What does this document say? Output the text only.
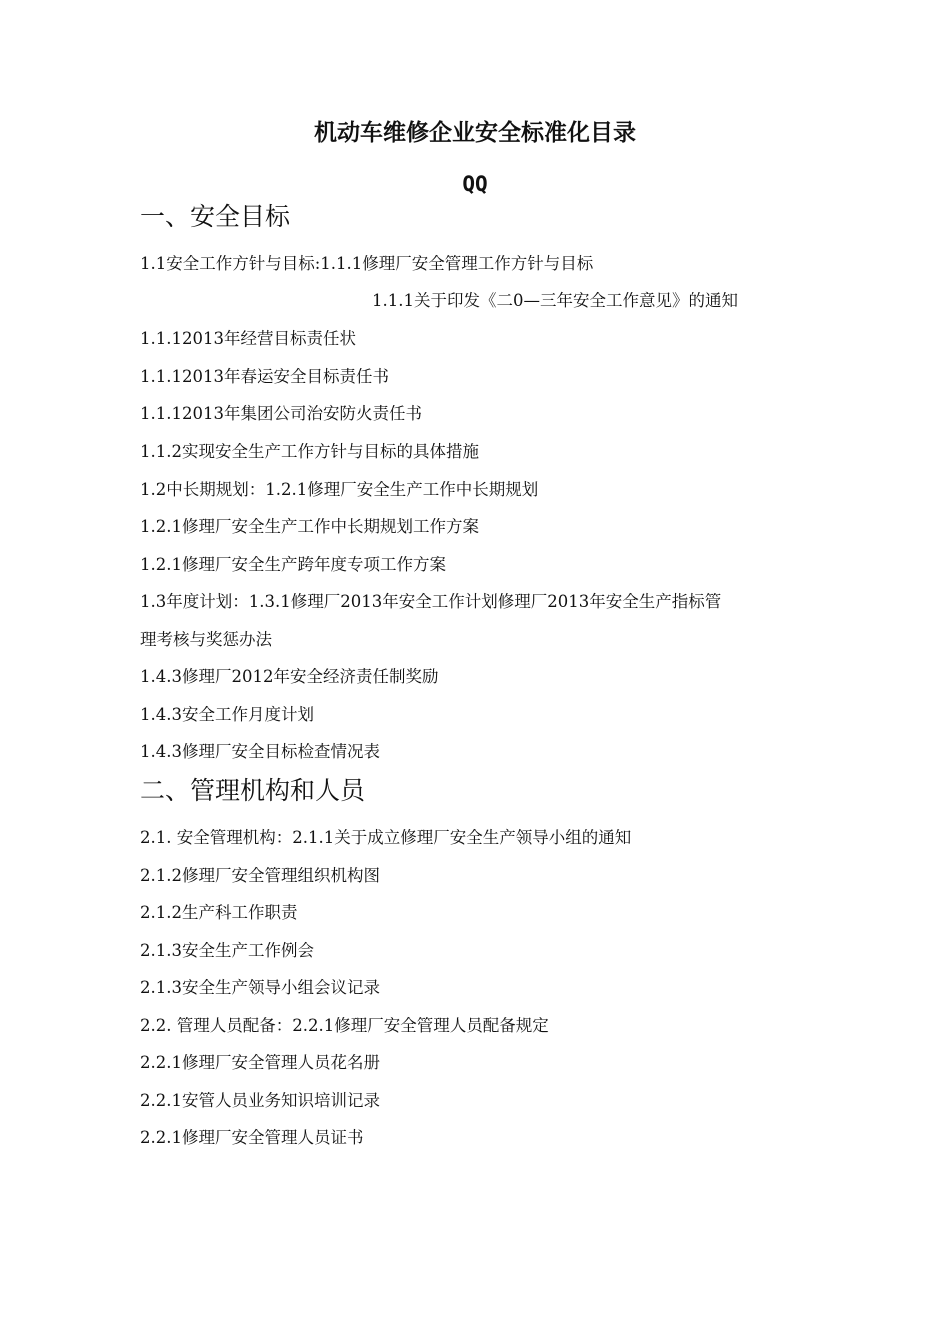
机动车维修企业安全标准化目录
QQ
一、安全目标
1.1安全工作方针与目标:1.1.1修理厂安全管理工作方针与目标
1.1.1关于印发《二0—三年安全工作意见》的通知
1.1.12013年经营目标责任状
1.1.12013年春运安全目标责任书
1.1.12013年集团公司治安防火责任书
1.1.2实现安全生产工作方针与目标的具体措施
1.2中长期规划：1.2.1修理厂安全生产工作中长期规划
1.2.1修理厂安全生产工作中长期规划工作方案
1.2.1修理厂安全生产跨年度专项工作方案
1.3年度计划：1.3.1修理厂2013年安全工作计划修理厂2013年安全生产指标管
理考核与奖惩办法
1.4.3修理厂2012年安全经济责任制奖励
1.4.3安全工作月度计划
1.4.3修理厂安全目标检查情况表
二、管理机构和人员
2.1. 安全管理机构：2.1.1关于成立修理厂安全生产领导小组的通知
2.1.2修理厂安全管理组织机构图
2.1.2生产科工作职责
2.1.3安全生产工作例会
2.1.3安全生产领导小组会议记录
2.2. 管理人员配备：2.2.1修理厂安全管理人员配备规定
2.2.1修理厂安全管理人员花名册
2.2.1安管人员业务知识培训记录
2.2.1修理厂安全管理人员证书
